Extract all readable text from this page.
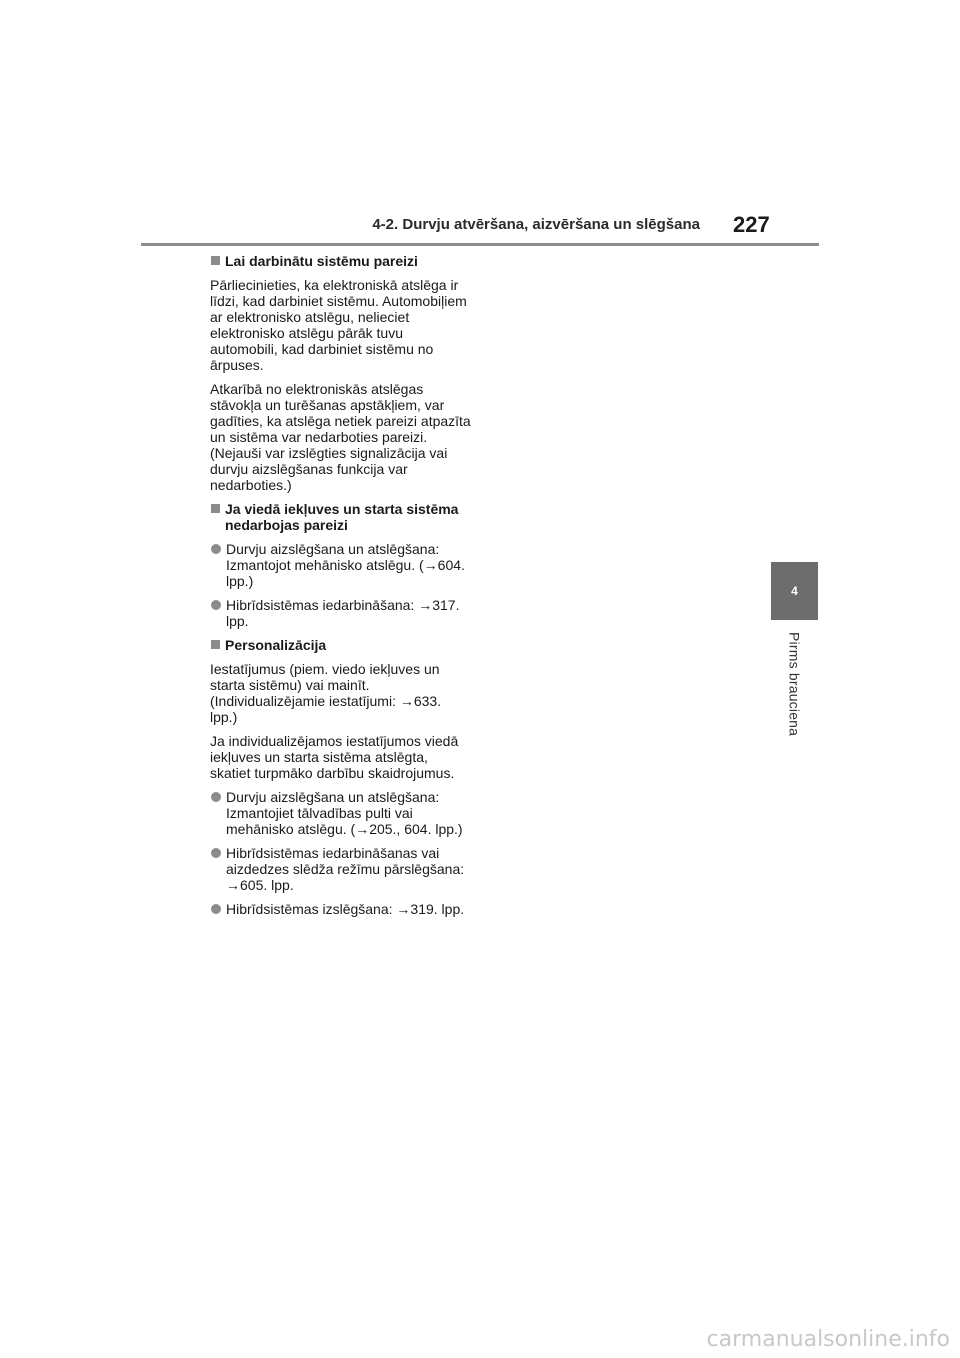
4-2. Durvju atvēršana, aizvēršana un slēgšana 227
4
Pirms brauciena
Lai darbinātu sistēmu pareizi

Pārliecinieties, ka elektroniskā atslēga ir līdzi, kad darbiniet sistēmu. Automobiļiem ar elektronisko atslēgu, nelieciet elektronisko atslēgu pārāk tuvu automobili, kad darbiniet sistēmu no ārpuses.

Atkarībā no elektroniskās atslēgas stāvokļa un turēšanas apstākļiem, var gadīties, ka atslēga netiek pareizi atpazīta un sistēma var nedarboties pareizi. (Nejauši var izslēgties signalizācija vai durvju aizslēgšanas funkcija var nedarboties.)

Ja viedā iekļuves un starta sistēma nedarbojas pareizi
Durvju aizslēgšana un atslēgšana: Izmantojot mehānisko atslēgu. (→604. lpp.)
Hibrīdsistēmas iedarbināšana: →317. lpp.
Personalizācija

Iestatījumus (piem. viedo iekļuves un starta sistēmu) vai mainīt. (Individualizējamie iestatījumi: →633. lpp.)

Ja individualizējamos iestatījumos viedā iekļuves un starta sistēma atslēgta, skatiet turpmāko darbību skaidrojumus.

Durvju aizslēgšana un atslēgšana: Izmantojiet tālvadības pulti vai mehānisko atslēgu. (→205., 604. lpp.)
Hibrīdsistēmas iedarbināšanas vai aizdedzes slēdža režīmu pārslēgšana: →605. lpp.
Hibrīdsistēmas izslēgšana: →319. lpp.
carmanualsonline.info
